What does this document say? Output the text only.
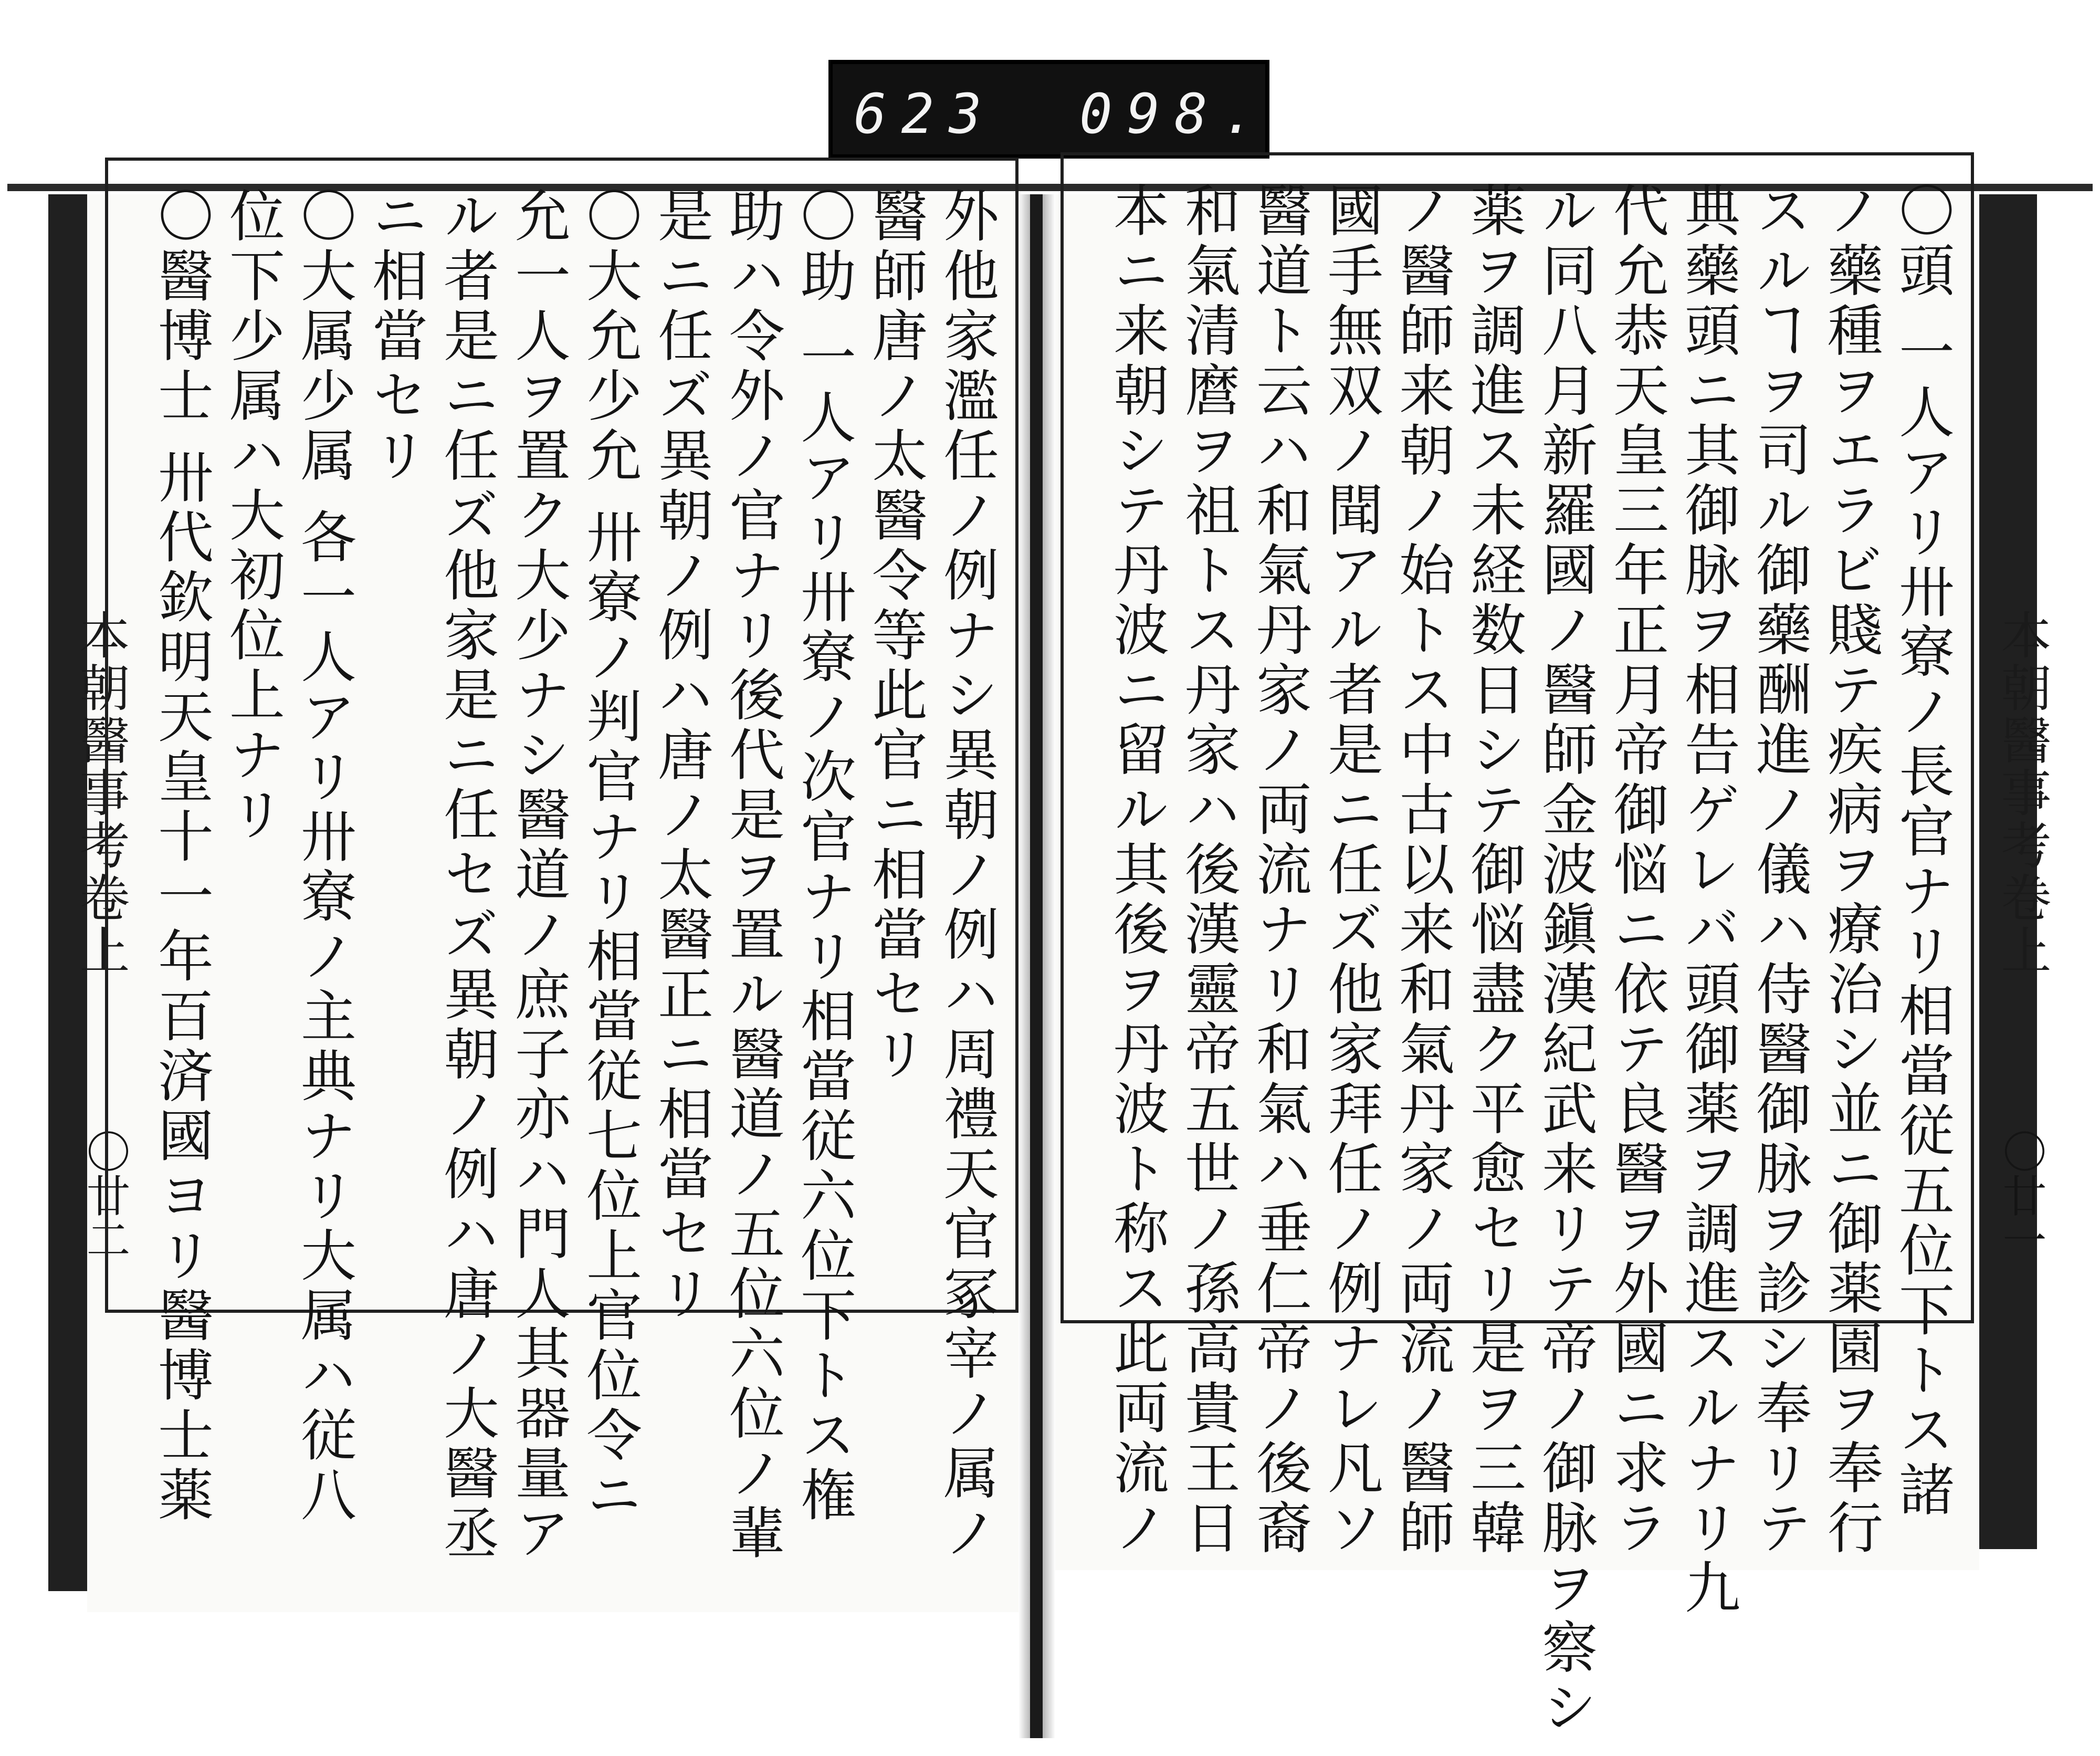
623 098.
本朝醫事考卷上
〇廿二
本朝醫事考卷上
〇廿一
〇頭 一人アリ卅寮ノ長官ナリ相當従五位下トス諸
ノ藥種ヲエラビ賤テ疾病ヲ療治シ並ニ御薬園ヲ奉行
スルヿヲ司ル御藥酬進ノ儀ハ侍醫御脉ヲ診シ奉リテ
典藥頭ニ其御脉ヲ相告ゲレバ頭御薬ヲ調進スルナリ九
代允恭天皇三年正月帝御悩ニ依テ良醫ヲ外國ニ求ラ
ル同八月新羅國ノ醫師金波鎭漢紀武来リテ帝ノ御脉ヲ察シ
薬ヲ調進ス未経数日シテ御悩盡ク平愈セリ是ヲ三韓
ノ醫師来朝ノ始トス中古以来和氣丹家ノ両流ノ醫師
國手無双ノ聞アル者是ニ任ズ他家拜任ノ例ナレ凡ソ
醫道ト云ハ和氣丹家ノ両流ナリ和氣ハ垂仁帝ノ後裔
和氣清麿ヲ祖トス丹家ハ後漢靈帝五世ノ孫高貴王日
本ニ来朝シテ丹波ニ留ル其後ヲ丹波ト称ス此両流ノ
外他家濫任ノ例ナシ異朝ノ例ハ周禮天官冢宰ノ属ノ
醫師唐ノ太醫令等此官ニ相當セリ
〇助 一人アリ卅寮ノ次官ナリ相當従六位下トス権
助ハ令外ノ官ナリ後代是ヲ置ル醫道ノ五位六位ノ輩
是ニ任ズ異朝ノ例ハ唐ノ太醫正ニ相當セリ
〇大允少允 卅寮ノ判官ナリ相當従七位上官位令ニ
允一人ヲ置ク大少ナシ醫道ノ庶子亦ハ門人其器量ア
ル者是ニ任ズ他家是ニ任セズ異朝ノ例ハ唐ノ大醫丞
ニ相當セリ
〇大属少属 各一人アリ卅寮ノ主典ナリ大属ハ従八
位下少属ハ大初位上ナリ
〇醫博士 卅代欽明天皇十一年百済國ヨリ醫博士薬
